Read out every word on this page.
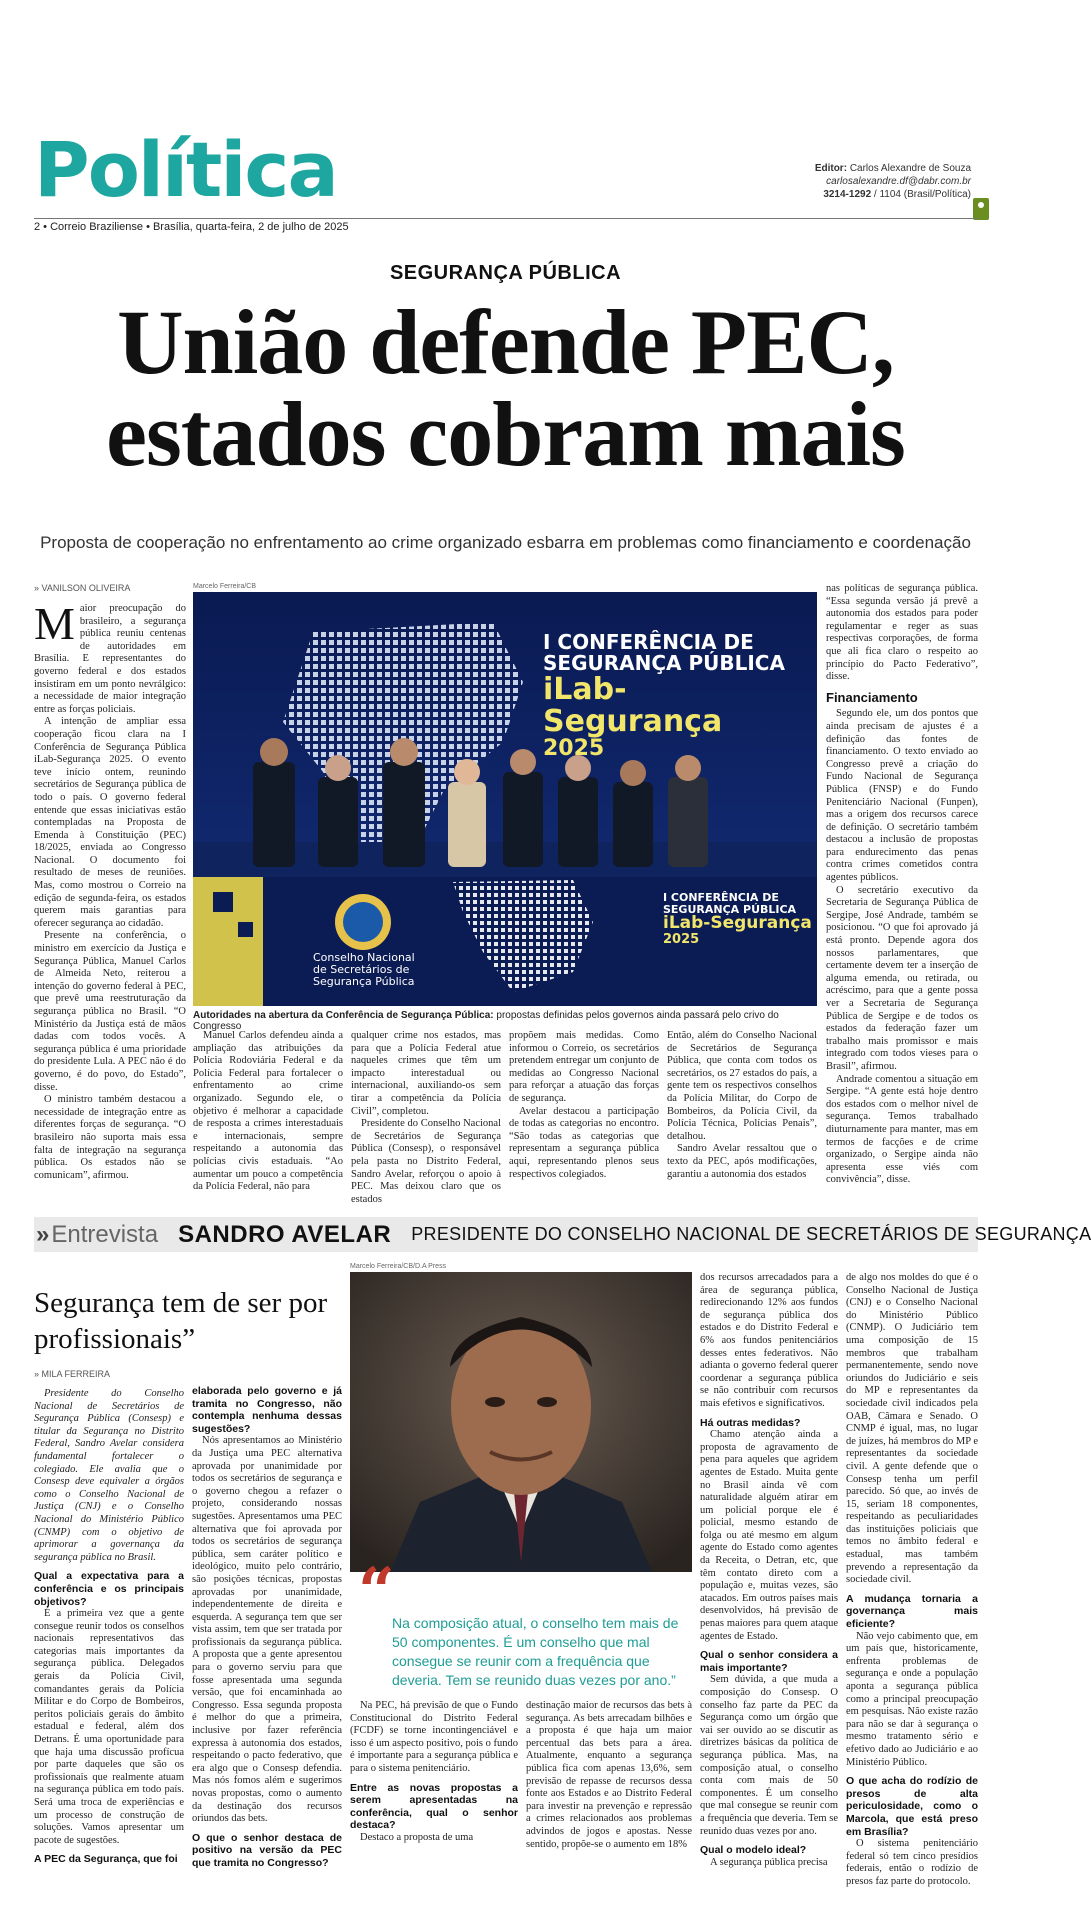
Política	Editor: Carlos Alexandre de Souza
carlosalexandre.df@dabr.com.br
3214-1292 / 1104 (Brasil/Política)
2 • Correio Braziliense • Brasília, quarta-feira, 2 de julho de 2025
SEGURANÇA PÚBLICA
União defende PEC,
estados cobram mais
Proposta de cooperação no enfrentamento ao crime organizado esbarra em problemas como financiamento e coordenação
» VANILSON OLIVEIRA

Maior preocupação do brasileiro, a segurança pública reuniu centenas de autoridades em Brasília. E representantes do governo federal e dos estados insistiram em um ponto nevrálgico: a necessidade de maior integração entre as forças policiais.

A intenção de ampliar essa cooperação ficou clara na I Conferência de Segurança Pública iLab-Segurança 2025. O evento teve início ontem, reunindo secretários de Segurança pública de todo o país. O governo federal entende que essas iniciativas estão contempladas na Proposta de Emenda à Constituição (PEC) 18/2025, enviada ao Congresso Nacional. O documento foi resultado de meses de reuniões. Mas, como mostrou o Correio na edição de segunda-feira, os estados querem mais garantias para oferecer segurança ao cidadão.

Presente na conferência, o ministro em exercício da Justiça e Segurança Pública, Manuel Carlos de Almeida Neto, reiterou a intenção do governo federal à PEC, que prevê uma reestruturação da segurança pública no Brasil. “O Ministério da Justiça está de mãos dadas com todos vocês. A segurança pública é uma prioridade do presidente Lula. A PEC não é do governo, é do povo, do Estado”, disse.

O ministro também destacou a necessidade de integração entre as diferentes forças de segurança. “O brasileiro não suporta mais essa falta de integração na segurança pública. Os estados não se comunicam”, afirmou.

Marcelo Ferreira/CB
I CONFERÊNCIA DE
SEGURANÇA PÚBLICA
iLab-Segurança
2025
I CONFERÊNCIA DE
SEGURANÇA PÚBLICA
iLab-Segurança
2025
Conselho Nacional
de Secretários de
Segurança Pública
Autoridades na abertura da Conferência de Segurança Pública: propostas definidas pelos governos ainda passará pelo crivo do Congresso

Manuel Carlos defendeu ainda a ampliação das atribuições da Polícia Rodoviária Federal e da Polícia Federal para fortalecer o enfrentamento ao crime organizado. Segundo ele, o objetivo é melhorar a capacidade de resposta a crimes interestaduais e internacionais, sempre respeitando a autonomia das polícias civis estaduais. “Ao aumentar um pouco a competência da Polícia Federal, não para

qualquer crime nos estados, mas para que a Polícia Federal atue naqueles crimes que têm um impacto interestadual ou internacional, auxiliando-os sem tirar a competência da Polícia Civil”, completou.

Presidente do Conselho Nacional de Secretários de Segurança Pública (Consesp), o responsável pela pasta no Distrito Federal, Sandro Avelar, reforçou o apoio à PEC. Mas deixou claro que os estados

propõem mais medidas. Como informou o Correio, os secretários pretendem entregar um conjunto de medidas ao Congresso Nacional para reforçar a atuação das forças de segurança.

Avelar destacou a participação de todas as categorias no encontro. “São todas as categorias que representam a segurança pública aqui, representando plenos seus respectivos colegiados.

Então, além do Conselho Nacional de Secretários de Segurança Pública, que conta com todos os secretários, os 27 estados do país, a gente tem os respectivos conselhos da Polícia Militar, do Corpo de Bombeiros, da Polícia Civil, da Polícia Técnica, Polícias Penais”, detalhou.

Sandro Avelar ressaltou que o texto da PEC, após modificações, garantiu a autonomia dos estados

nas políticas de segurança pública. “Essa segunda versão já prevê a autonomia dos estados para poder regulamentar e reger as suas respectivas corporações, de forma que ali fica claro o respeito ao princípio do Pacto Federativo”, disse.

Financiamento

Segundo ele, um dos pontos que ainda precisam de ajustes é a definição das fontes de financiamento. O texto enviado ao Congresso prevê a criação do Fundo Nacional de Segurança Pública (FNSP) e do Fundo Penitenciário Nacional (Funpen), mas a origem dos recursos carece de definição. O secretário também destacou a inclusão de propostas para endurecimento das penas contra crimes cometidos contra agentes públicos.

O secretário executivo da Secretaria de Segurança Pública de Sergipe, José Andrade, também se posicionou. “O que foi aprovado já está pronto. Depende agora dos nossos parlamentares, que certamente devem ter a inserção de alguma emenda, ou retirada, ou acréscimo, para que a gente possa ver a Secretaria de Segurança Pública de Sergipe e de todos os estados da federação fazer um trabalho mais promissor e mais integrado com todos vieses para o Brasil”, afirmou.

Andrade comentou a situação em Sergipe. “A gente está hoje dentro dos estados com o melhor nível de segurança. Temos trabalhado diuturnamente para manter, mas em termos de facções e de crime organizado, o Sergipe ainda não apresenta esse viés com convivência”, disse.

» Entrevista SANDRO AVELAR PRESIDENTE DO CONSELHO NACIONAL DE SECRETÁRIOS DE SEGURANÇA
Segurança tem de ser por profissionais”
» MILA FERREIRA

Presidente do Conselho Nacional de Secretários de Segurança Pública (Consesp) e titular da Segurança no Distrito Federal, Sandro Avelar considera fundamental fortalecer o colegiado. Ele avalia que o Consesp deve equivaler a órgãos como o Conselho Nacional de Justiça (CNJ) e o Conselho Nacional do Ministério Público (CNMP) com o objetivo de aprimorar a governança da segurança pública no Brasil.

Qual a expectativa para a conferência e os principais objetivos?

É a primeira vez que a gente consegue reunir todos os conselhos nacionais representativos das categorias mais importantes da segurança pública. Delegados gerais da Polícia Civil, comandantes gerais da Polícia Militar e do Corpo de Bombeiros, peritos policiais gerais do âmbito estadual e federal, além dos Detrans. É uma oportunidade para que haja uma discussão profícua por parte daqueles que são os profissionais que realmente atuam na segurança pública em todo país. Será uma troca de experiências e um processo de construção de soluções. Vamos apresentar um pacote de sugestões.

A PEC da Segurança, que foi
elaborada pelo governo e já tramita no Congresso, não contempla nenhuma dessas sugestões?

Nós apresentamos ao Ministério da Justiça uma PEC alternativa aprovada por unanimidade por todos os secretários de segurança e o governo chegou a refazer o projeto, considerando nossas sugestões. Apresentamos uma PEC alternativa que foi aprovada por todos os secretários de segurança pública, sem caráter político e ideológico, muito pelo contrário, são posições técnicas, propostas aprovadas por unanimidade, independentemente de direita e esquerda. A segurança tem que ser vista assim, tem que ser tratada por profissionais da segurança pública. A proposta que a gente apresentou para o governo serviu para que fosse apresentada uma segunda versão, que foi encaminhada ao Congresso. Essa segunda proposta é melhor do que a primeira, inclusive por fazer referência expressa à autonomia dos estados, respeitando o pacto federativo, que era algo que o Consesp defendia. Mas nós fomos além e sugerimos novas propostas, como o aumento da destinação dos recursos oriundos das bets.

O que o senhor destaca de positivo na versão da PEC que tramita no Congresso?
Marcelo Ferreira/CB/D.A Press
“
Na composição atual, o conselho tem mais de 50 componentes. É um conselho que mal consegue se reunir com a frequência que deveria. Tem se reunido duas vezes por ano.”

Na PEC, há previsão de que o Fundo Constitucional do Distrito Federal (FCDF) se torne incontingenciável e isso é um aspecto positivo, pois o fundo é importante para a segurança pública e para o sistema penitenciário.

Entre as novas propostas a serem apresentadas na conferência, qual o senhor destaca?

Destaco a proposta de uma

destinação maior de recursos das bets à segurança. As bets arrecadam bilhões e a proposta é que haja um maior percentual das bets para a área. Atualmente, enquanto a segurança pública fica com apenas 13,6%, sem previsão de repasse de recursos dessa fonte aos Estados e ao Distrito Federal para investir na prevenção e repressão a crimes relacionados aos problemas advindos de jogos e apostas. Nesse sentido, propõe-se o aumento em 18%

dos recursos arrecadados para a área de segurança pública, redirecionando 12% aos fundos de segurança pública dos estados e do Distrito Federal e 6% aos fundos penitenciários desses entes federativos. Não adianta o governo federal querer coordenar a segurança pública se não contribuir com recursos mais efetivos e significativos.

Há outras medidas?

Chamo atenção ainda a proposta de agravamento de pena para aqueles que agridem agentes de Estado. Muita gente no Brasil ainda vê com naturalidade alguém atirar em um policial porque ele é policial, mesmo estando de folga ou até mesmo em algum agente do Estado como agentes da Receita, o Detran, etc, que têm contato direto com a população e, muitas vezes, são atacados. Em outros países mais desenvolvidos, há previsão de penas maiores para quem ataque agentes de Estado.

Qual o senhor considera a mais importante?

Sem dúvida, a que muda a composição do Consesp. O conselho faz parte da PEC da Segurança como um órgão que vai ser ouvido ao se discutir as diretrizes básicas da política de segurança pública. Mas, na composição atual, o conselho conta com mais de 50 componentes. É um conselho que mal consegue se reunir com a frequência que deveria. Tem se reunido duas vezes por ano.

Qual o modelo ideal?

A segurança pública precisa

de algo nos moldes do que é o Conselho Nacional de Justiça (CNJ) e o Conselho Nacional do Ministério Público (CNMP). O Judiciário tem uma composição de 15 membros que trabalham permanentemente, sendo nove oriundos do Judiciário e seis do MP e representantes da sociedade civil indicados pela OAB, Câmara e Senado. O CNMP é igual, mas, no lugar de juízes, há membros do MP e representantes da sociedade civil. A gente defende que o Consesp tenha um perfil parecido. Só que, ao invés de 15, seriam 18 componentes, respeitando as peculiaridades das instituições policiais que temos no âmbito federal e estadual, mas também prevendo a representação da sociedade civil.

A mudança tornaria a governança mais eficiente?

Não vejo cabimento que, em um país que, historicamente, enfrenta problemas de segurança e onde a população aponta a segurança pública como a principal preocupação em pesquisas. Não existe razão para não se dar à segurança o mesmo tratamento sério e efetivo dado ao Judiciário e ao Ministério Público.

O que acha do rodízio de presos de alta periculosidade, como o Marcola, que está preso em Brasília?

O sistema penitenciário federal só tem cinco presídios federais, então o rodízio de presos faz parte do protocolo.
